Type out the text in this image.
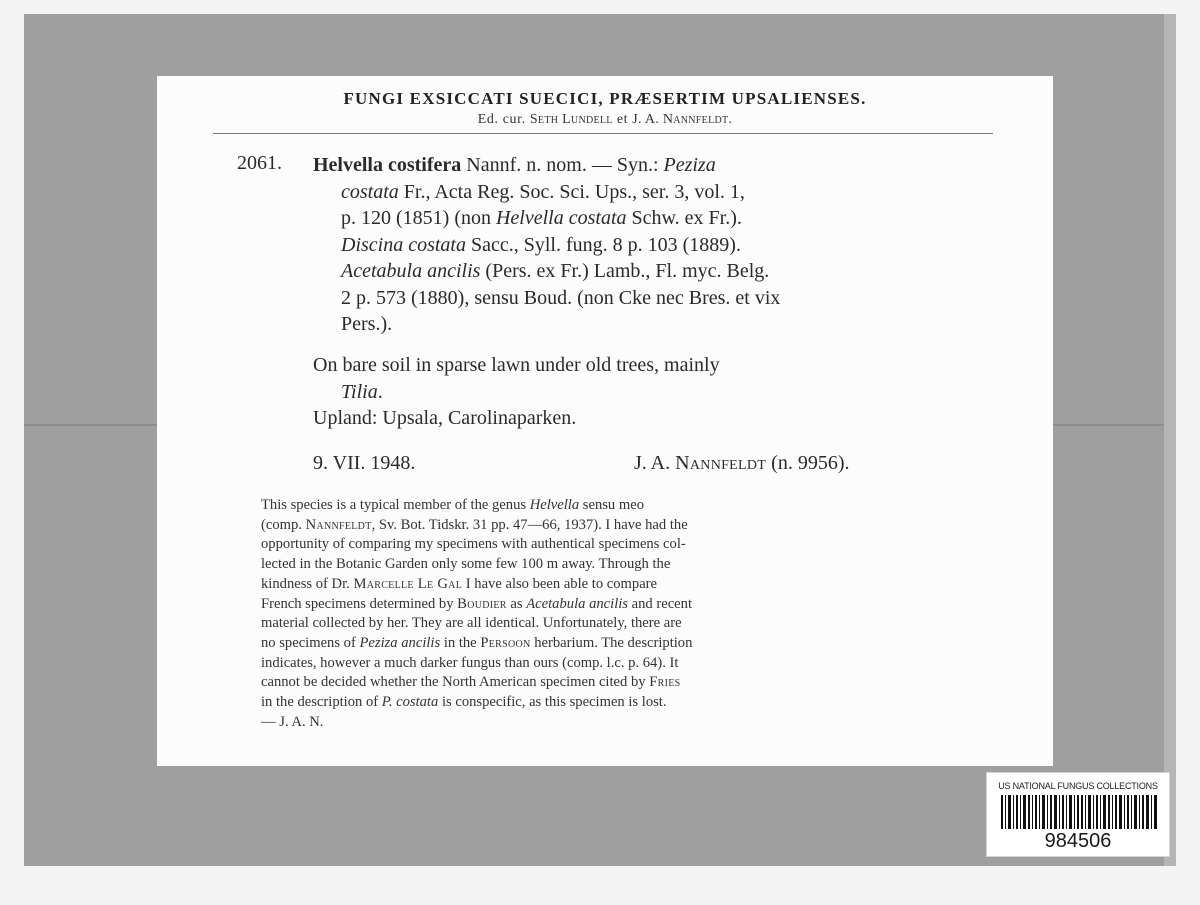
FUNGI EXSICCATI SUECICI, PRÆSERTIM UPSALIENSES.
Ed. cur. Seth Lundell et J. A. Nannfeldt.
2061. Helvella costifera Nannf. n. nom. — Syn.: Peziza
costata Fr., Acta Reg. Soc. Sci. Ups., ser. 3, vol. 1,
p. 120 (1851) (non Helvella costata Schw. ex Fr.).
Discina costata Sacc., Syll. fung. 8 p. 103 (1889).
Acetabula ancilis (Pers. ex Fr.) Lamb., Fl. myc. Belg.
2 p. 573 (1880), sensu Boud. (non Cke nec Bres. et vix
Pers.).
On bare soil in sparse lawn under old trees, mainly
Tilia.
Upland: Upsala, Carolinaparken.
9. VII. 1948.	J. A. Nannfeldt (n. 9956).
This species is a typical member of the genus Helvella sensu meo
(comp. Nannfeldt, Sv. Bot. Tidskr. 31 pp. 47—66, 1937). I have had the
opportunity of comparing my specimens with authentical specimens col-
lected in the Botanic Garden only some few 100 m away. Through the
kindness of Dr. Marcelle Le Gal I have also been able to compare
French specimens determined by Boudier as Acetabula ancilis and recent
material collected by her. They are all identical. Unfortunately, there are
no specimens of Peziza ancilis in the Persoon herbarium. The description
indicates, however a much darker fungus than ours (comp. l.c. p. 64). It
cannot be decided whether the North American specimen cited by Fries
in the description of P. costata is conspecific, as this specimen is lost.
— J. A. N.
US NATIONAL FUNGUS COLLECTIONS
984506
